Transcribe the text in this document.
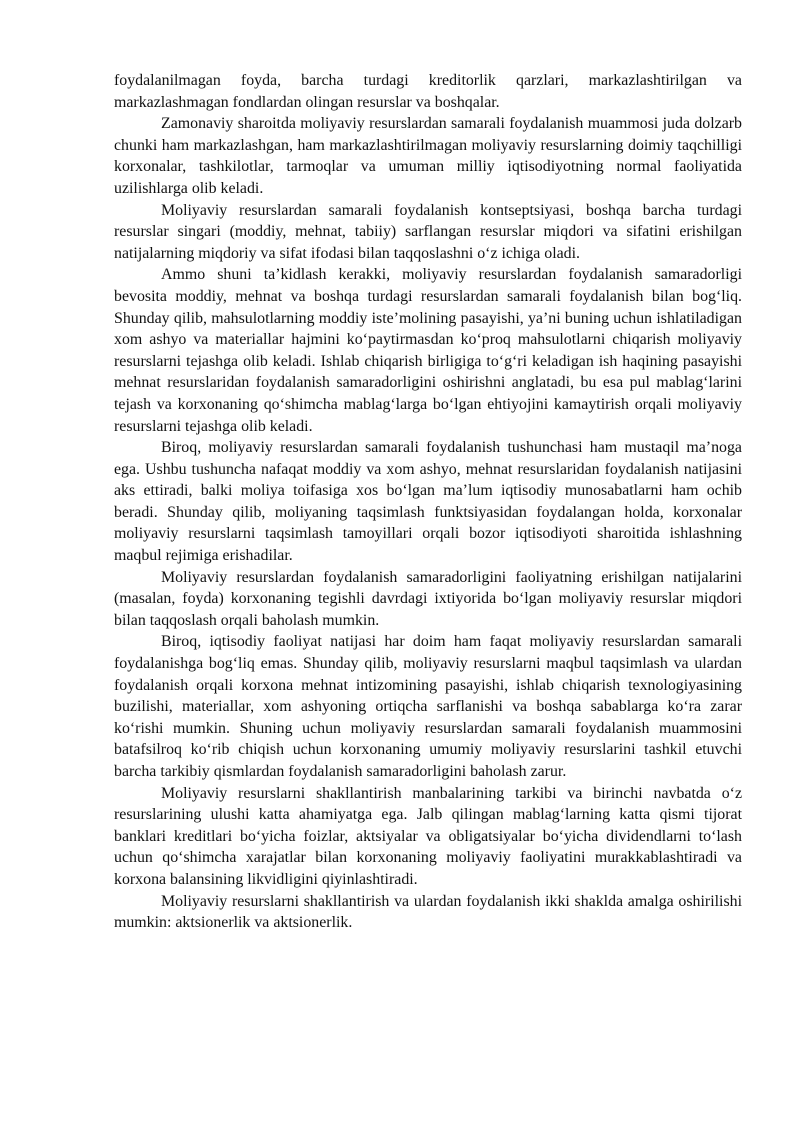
foydalanilmagan foyda, barcha turdagi kreditorlik qarzlari, markazlashtirilgan va markazlashmagan fondlardan olingan resurslar va boshqalar.

Zamonaviy sharoitda moliyaviy resurslardan samarali foydalanish muammosi juda dolzarb chunki ham markazlashgan, ham markazlashtirilmagan moliyaviy resurslarning doimiy taqchilligi korxonalar, tashkilotlar, tarmoqlar va umuman milliy iqtisodiyotning normal faoliyatida uzilishlarga olib keladi.

Moliyaviy resurslardan samarali foydalanish kontseptsiyasi, boshqa barcha turdagi resurslar singari (moddiy, mehnat, tabiiy) sarflangan resurslar miqdori va sifatini erishilgan natijalarning miqdoriy va sifat ifodasi bilan taqqoslashni oʻz ichiga oladi.

Ammo shuni taʼkidlash kerakki, moliyaviy resurslardan foydalanish samaradorligi bevosita moddiy, mehnat va boshqa turdagi resurslardan samarali foydalanish bilan bogʻliq. Shunday qilib, mahsulotlarning moddiy isteʼmolining pasayishi, yaʼni buning uchun ishlatiladigan xom ashyo va materiallar hajmini koʻpaytirmasdan koʻproq mahsulotlarni chiqarish moliyaviy resurslarni tejashga olib keladi. Ishlab chiqarish birligiga toʻgʻri keladigan ish haqining pasayishi mehnat resurslaridan foydalanish samaradorligini oshirishni anglatadi, bu esa pul mablagʻlarini tejash va korxonaning qoʻshimcha mablagʻlarga boʻlgan ehtiyojini kamaytirish orqali moliyaviy resurslarni tejashga olib keladi.

Biroq, moliyaviy resurslardan samarali foydalanish tushunchasi ham mustaqil maʼnoga ega. Ushbu tushuncha nafaqat moddiy va xom ashyo, mehnat resurslaridan foydalanish natijasini aks ettiradi, balki moliya toifasiga xos boʻlgan maʼlum iqtisodiy munosabatlarni ham ochib beradi. Shunday qilib, moliyaning taqsimlash funktsiyasidan foydalangan holda, korxonalar moliyaviy resurslarni taqsimlash tamoyillari orqali bozor iqtisodiyoti sharoitida ishlashning maqbul rejimiga erishadilar.

Moliyaviy resurslardan foydalanish samaradorligini faoliyatning erishilgan natijalarini (masalan, foyda) korxonaning tegishli davrdagi ixtiyorida boʻlgan moliyaviy resurslar miqdori bilan taqqoslash orqali baholash mumkin.

Biroq, iqtisodiy faoliyat natijasi har doim ham faqat moliyaviy resurslardan samarali foydalanishga bogʻliq emas. Shunday qilib, moliyaviy resurslarni maqbul taqsimlash va ulardan foydalanish orqali korxona mehnat intizomining pasayishi, ishlab chiqarish texnologiyasining buzilishi, materiallar, xom ashyoning ortiqcha sarflanishi va boshqa sabablarga koʻra zarar koʻrishi mumkin. Shuning uchun moliyaviy resurslardan samarali foydalanish muammosini batafsilroq koʻrib chiqish uchun korxonaning umumiy moliyaviy resurslarini tashkil etuvchi barcha tarkibiy qismlardan foydalanish samaradorligini baholash zarur.

Moliyaviy resurslarni shakllantirish manbalarining tarkibi va birinchi navbatda oʻz resurslarining ulushi katta ahamiyatga ega. Jalb qilingan mablagʻlarning katta qismi tijorat banklari kreditlari boʻyicha foizlar, aktsiyalar va obligatsiyalar boʻyicha dividendlarni toʻlash uchun qoʻshimcha xarajatlar bilan korxonaning moliyaviy faoliyatini murakkablashtiradi va korxona balansining likvidligini qiyinlashtiradi.

Moliyaviy resurslarni shakllantirish va ulardan foydalanish ikki shaklda amalga oshirilishi mumkin: aktsionerlik va aktsionerlik.
